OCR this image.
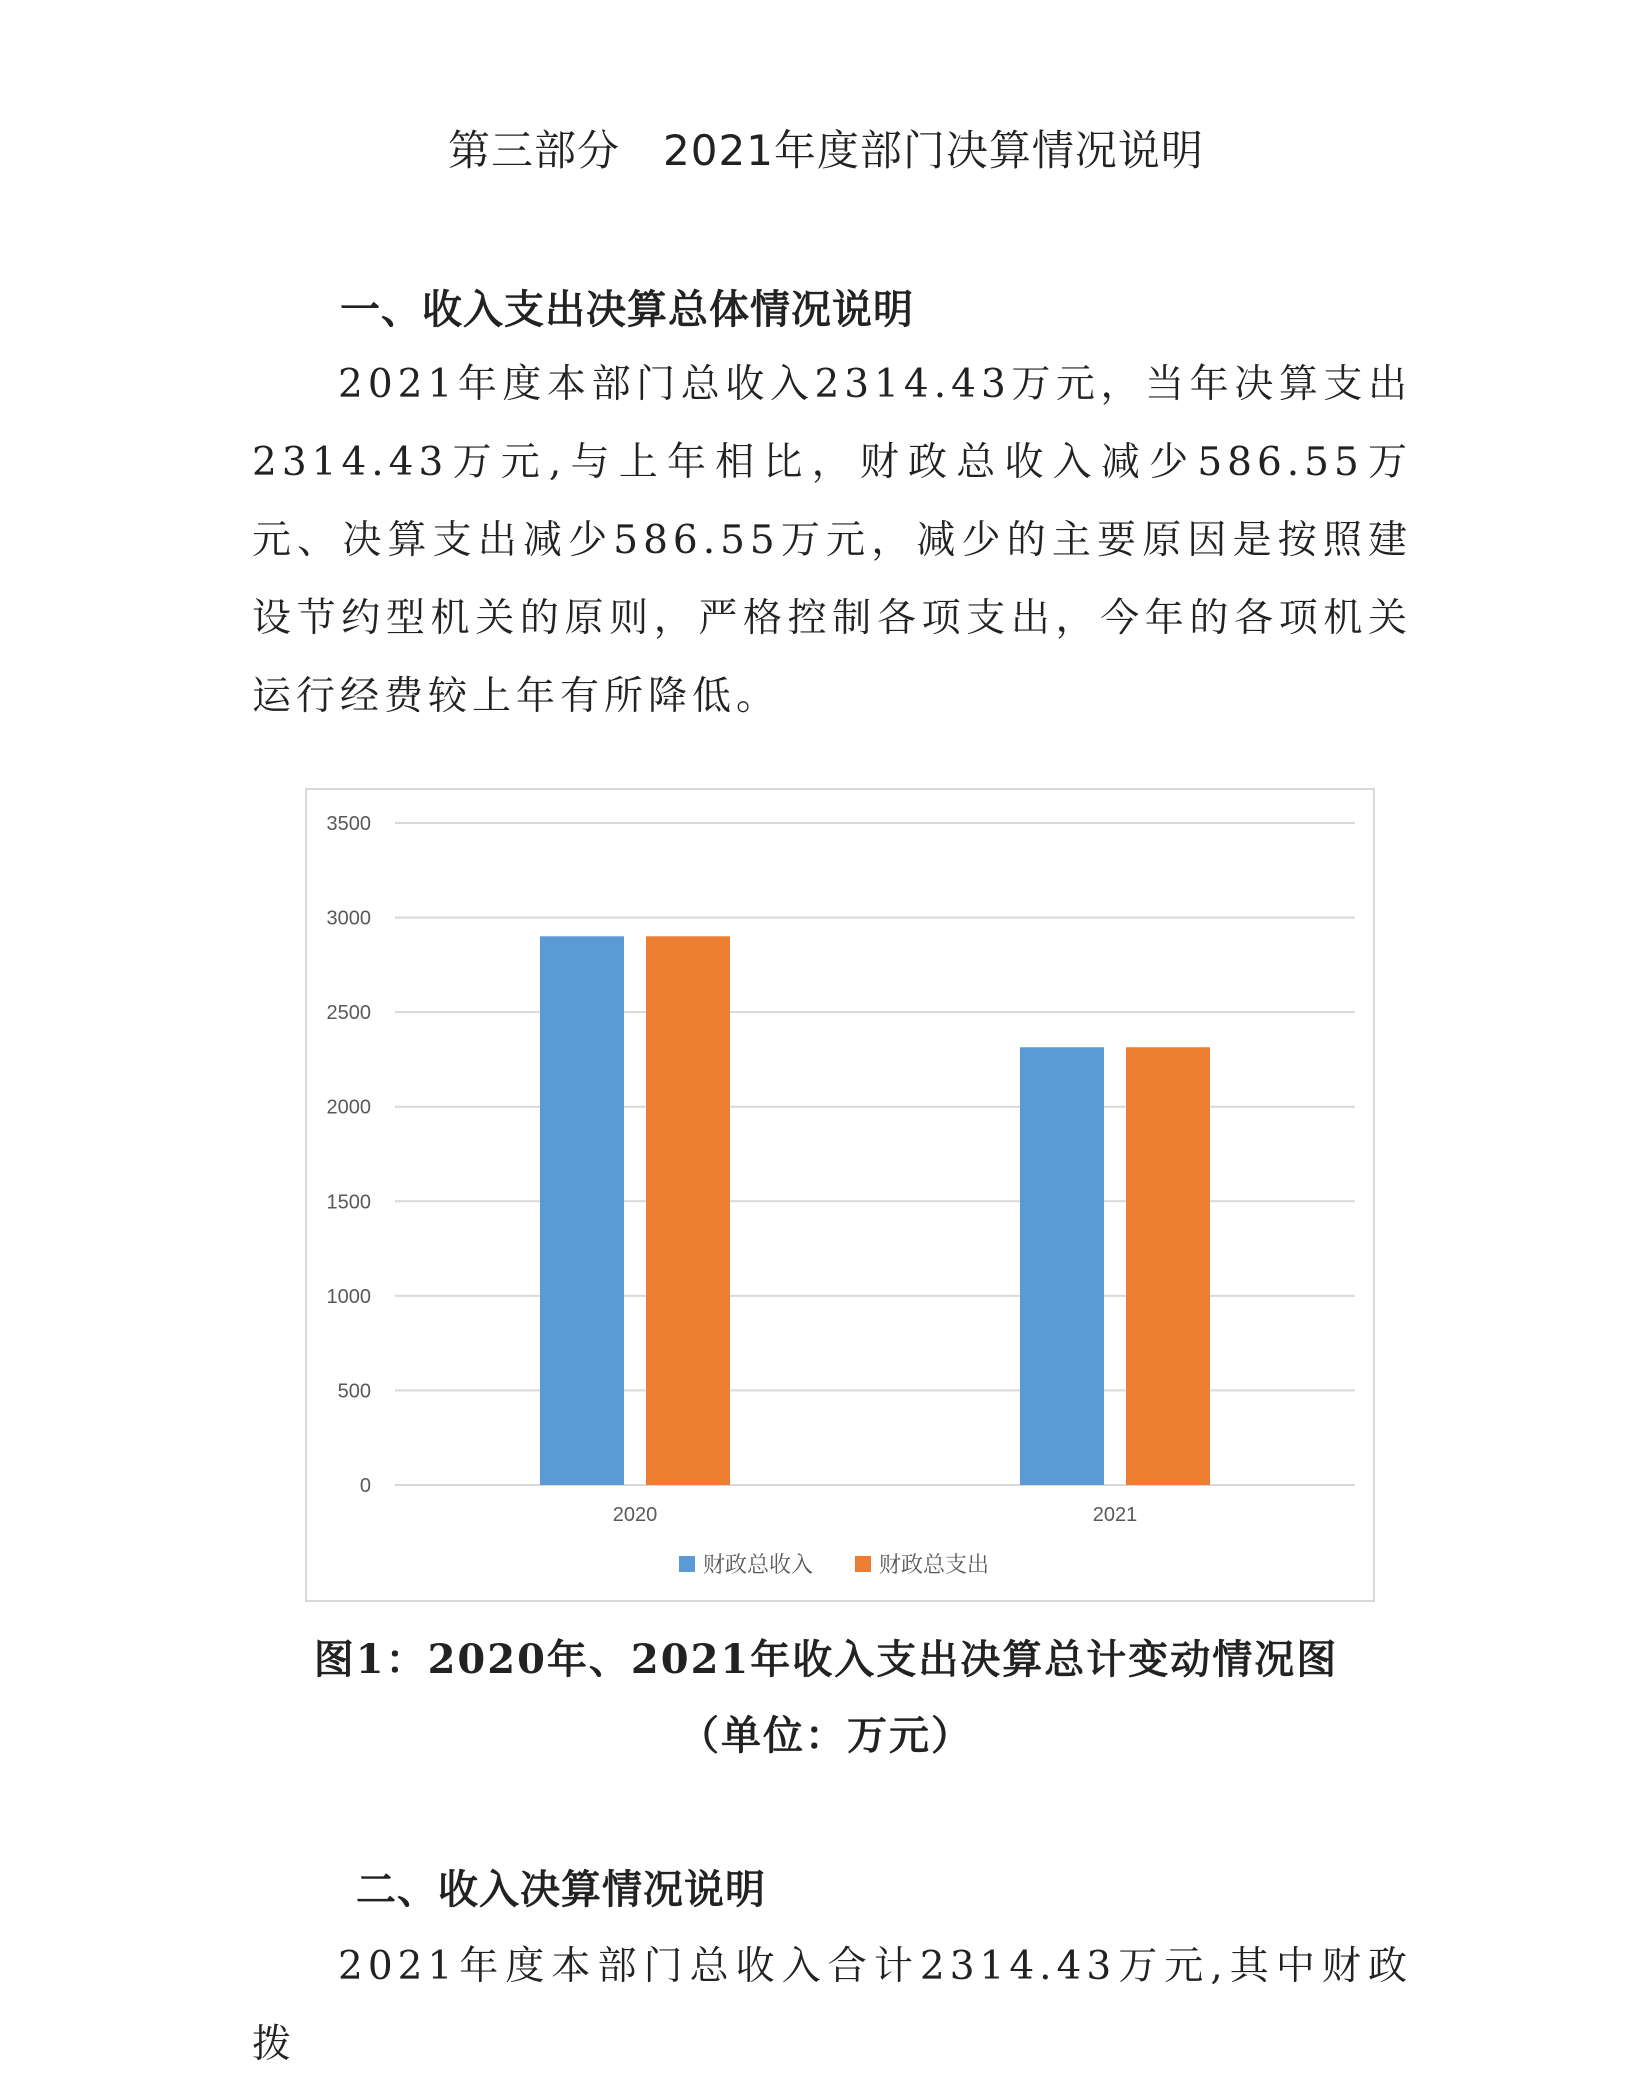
第三部分　2021年度部门决算情况说明
一、收入支出决算总体情况说明

2021年度本部门总收入2314.43万元，当年决算支出2314.43万元,与上年相比，财政总收入减少586.55万元、决算支出减少586.55万元，减少的主要原因是按照建设节约型机关的原则，严格控制各项支出，今年的各项机关运行经费较上年有所降低。

0
500
1000
1500
2000
2500
3000
3500
2020	2021
财政总收入	财政总支出
图1：2020年、2021年收入支出决算总计变动情况图
（单位：万元）
二、收入决算情况说明

2021年度本部门总收入合计2314.43万元,其中财政拨
